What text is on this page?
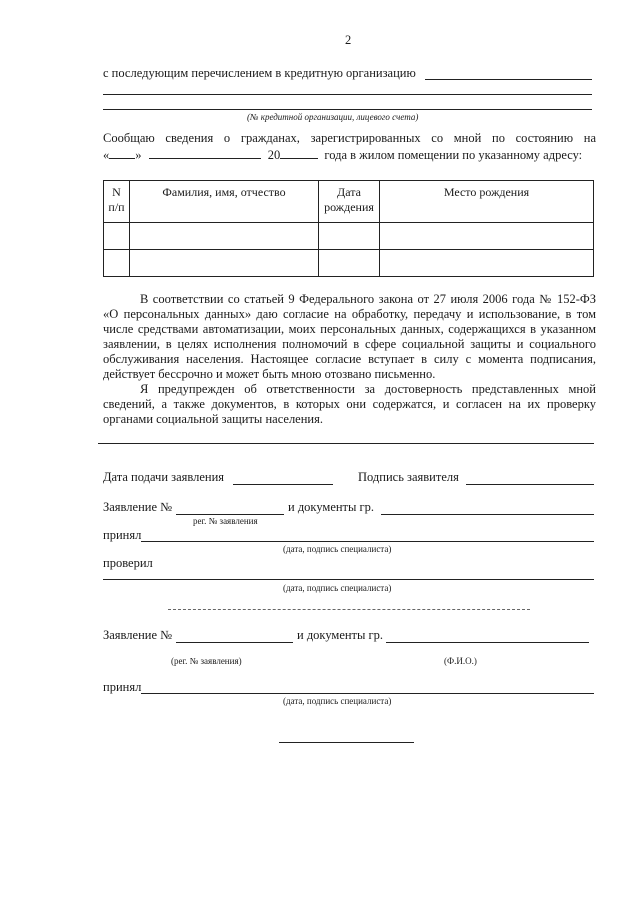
2
с последующим перечислением в кредитную организацию
(№ кредитной организации, лицевого счета)
Сообщаю сведения о гражданах, зарегистрированных со мной по состоянию на
« »	20	года в жилом помещении по указанному адресу:
N п/п	Фамилия, имя, отчество	Дата рождения	Место рождения

В соответствии со статьей 9 Федерального закона от 27 июля 2006 года № 152-ФЗ
«О персональных данных» даю согласие на обработку, передачу и использование, в том
числе средствами автоматизации, моих персональных данных, содержащихся в указанном
заявлении, в целях исполнения полномочий в сфере социальной защиты и социального
обслуживания населения. Настоящее согласие вступает в силу с момента подписания,
действует бессрочно и может быть мною отозвано письменно.
Я предупрежден об ответственности за достоверность представленных мной
сведений, а также документов, в которых они содержатся, и согласен на их проверку
органами социальной защиты населения.
Дата подачи заявления	Подпись заявителя
Заявление №	и документы гр.
рег. № заявления
принял
(дата, подпись специалиста)
проверил
(дата, подпись специалиста)
Заявление №	и документы гр.
(рег. № заявления)	(Ф.И.О.)
принял
(дата, подпись специалиста)
